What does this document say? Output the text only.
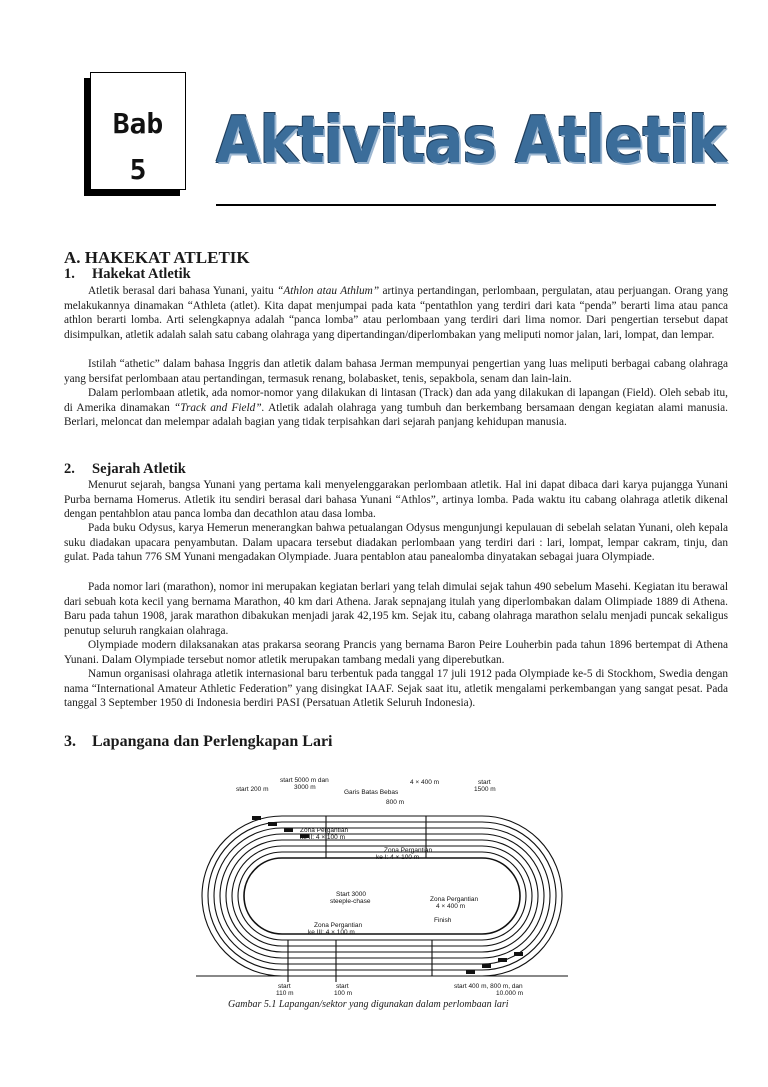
Bab
5	Aktivitas Atletik
A. HAKEKAT ATLETIK
1. Hakekat Atletik

Atletik berasal dari bahasa Yunani, yaitu “Athlon atau Athlum” artinya pertandingan, perlombaan, pergulatan, atau perjuangan. Orang yang melakukannya dinamakan “Athleta (atlet). Kita dapat menjumpai pada kata “pentathlon yang terdiri dari kata “penda” berarti lima atau panca athlon berarti lomba. Arti selengkapnya adalah “panca lomba” atau perlombaan yang terdiri dari lima nomor. Dari pengertian tersebut dapat disimpulkan, atletik adalah salah satu cabang olahraga yang dipertandingan/diperlombakan yang meliputi nomor jalan, lari, lompat, dan lempar.

Istilah “athetic” dalam bahasa Inggris dan atletik dalam bahasa Jerman mempunyai pengertian yang luas meliputi berbagai cabang olahraga yang bersifat perlombaan atau pertandingan, termasuk renang, bolabasket, tenis, sepakbola, senam dan lain-lain.

Dalam perlombaan atletik, ada nomor-nomor yang dilakukan di lintasan (Track) dan ada yang dilakukan di lapangan (Field). Oleh sebab itu, di Amerika dinamakan “Track and Field”. Atletik adalah olahraga yang tumbuh dan berkembang bersamaan dengan kegiatan alami manusia. Berlari, meloncat dan melempar adalah bagian yang tidak terpisahkan dari sejarah panjang kehidupan manusia.

2. Sejarah Atletik

Menurut sejarah, bangsa Yunani yang pertama kali menyelenggarakan perlombaan atletik. Hal ini dapat dibaca dari karya pujangga Yunani Purba bernama Homerus. Atletik itu sendiri berasal dari bahasa Yunani “Athlos”, artinya lomba. Pada waktu itu cabang olahraga atletik dikenal dengan pentahblon atau panca lomba dan decathlon atau dasa lomba.

Pada buku Odysus, karya Hemerun menerangkan bahwa petualangan Odysus mengunjungi kepulauan di sebelah selatan Yunani, oleh kepala suku diadakan upacara penyambutan. Dalam upacara tersebut diadakan perlombaan yang terdiri dari : lari, lompat, lempar cakram, tinju, dan gulat. Pada tahun 776 SM Yunani mengadakan Olympiade. Juara pentablon atau panealomba dinyatakan sebagai juara Olympiade.

Pada nomor lari (marathon), nomor ini merupakan kegiatan berlari yang telah dimulai sejak tahun 490 sebelum Masehi. Kegiatan itu berawal dari sebuah kota kecil yang bernama Marathon, 40 km dari Athena. Jarak sepnajang itulah yang diperlombakan dalam Olimpiade 1889 di Athena. Baru pada tahun 1908, jarak marathon dibakukan menjadi jarak 42,195 km. Sejak itu, cabang olahraga marathon selalu menjadi puncak sekaligus penutup seluruh rangkaian olahraga.

Olympiade modern dilaksanakan atas prakarsa seorang Prancis yang bernama Baron Peire Louherbin pada tahun 1896 bertempat di Athena Yunani. Dalam Olympiade tersebut nomor atletik merupakan tambang medali yang diperebutkan.

Namun organisasi olahraga atletik internasional baru terbentuk pada tanggal 17 juli 1912 pada Olympiade ke-5 di Stockhom, Swedia dengan nama “International Amateur Athletic Federation” yang disingkat IAAF. Sejak saat itu, atletik mengalami perkembangan yang sangat pesat. Pada tanggal 3 September 1950 di Indonesia berdiri PASI (Persatuan Atletik Seluruh Indonesia).

3. Lapangana dan Perlengkapan Lari
start 5000 m dan
3000 m
start 200 m	Garis Batas Bebas
4 × 400 m	start
1500 m
800 m
Zona Pergantian
ke II: 4 × 100 m
Zona Pergantian
ke I: 4 × 100 m
Start 3000
steeple-chase	Zona Pergantian
4 × 400 m
Zona Pergantian
ke III: 4 × 100 m
Finish
start
110 m
start
100 m
start 400 m, 800 m, dan
10.000 m
Gambar 5.1 Lapangan/sektor yang digunakan dalam perlombaan lari
